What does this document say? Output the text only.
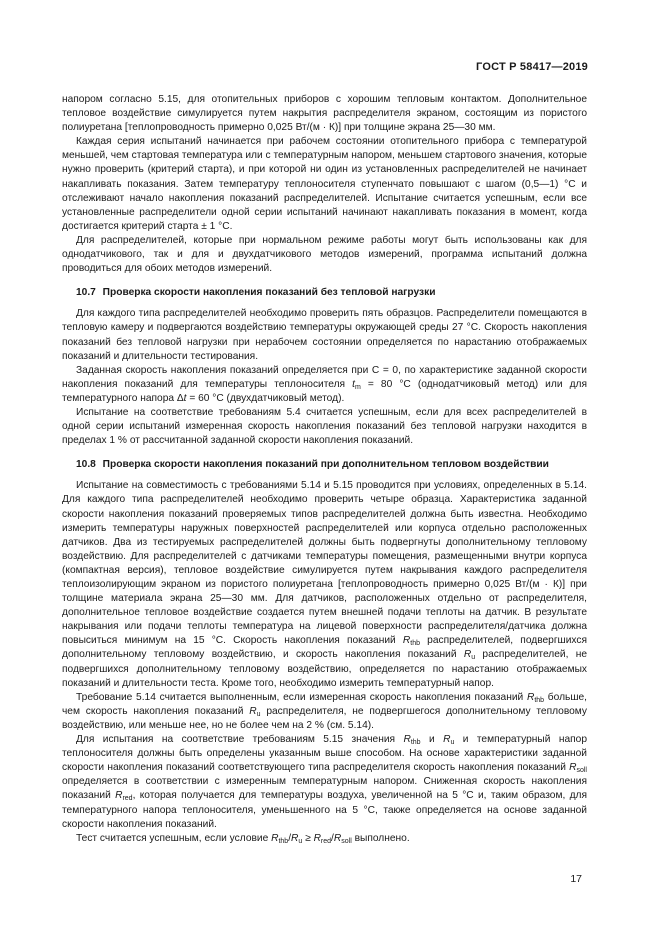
ГОСТ Р 58417—2019

напором согласно 5.15, для отопительных приборов с хорошим тепловым контактом. Дополнительное тепловое воздействие симулируется путем накрытия распределителя экраном, состоящим из пористого полиуретана [теплопроводность примерно 0,025 Вт/(м · К)] при толщине экрана 25—30 мм.

Каждая серия испытаний начинается при рабочем состоянии отопительного прибора с температурой меньшей, чем стартовая температура или с температурным напором, меньшем стартового значения, которые нужно проверить (критерий старта), и при которой ни один из установленных распределителей не начинает накапливать показания. Затем температуру теплоносителя ступенчато повышают с шагом (0,5—1) °С и отслеживают начало накопления показаний распределителей. Испытание считается успешным, если все установленные распределители одной серии испытаний начинают накапливать показания в момент, когда достигается критерий старта ± 1 °С.

Для распределителей, которые при нормальном режиме работы могут быть использованы как для однодатчикового, так и для и двухдатчикового методов измерений, программа испытаний должна проводиться для обоих методов измерений.

10.7 Проверка скорости накопления показаний без тепловой нагрузки

Для каждого типа распределителей необходимо проверить пять образцов. Распределители помещаются в тепловую камеру и подвергаются воздействию температуры окружающей среды 27 °С. Скорость накопления показаний без тепловой нагрузки при нерабочем состоянии определяется по нарастанию отображаемых показаний и длительности тестирования.

Заданная скорость накопления показаний определяется при С = 0, по характеристике заданной скорости накопления показаний для температуры теплоносителя $t_m = 80$ °С (однодатчиковый метод) или для температурного напора Δt = 60 °С (двухдатчиковый метод).

Испытание на соответствие требованиям 5.4 считается успешным, если для всех распределителей в одной серии испытаний измеренная скорость накопления показаний без тепловой нагрузки находится в пределах 1 % от рассчитанной заданной скорости накопления показаний.

10.8 Проверка скорости накопления показаний при дополнительном тепловом воздействии

Испытание на совместимость с требованиями 5.14 и 5.15 проводится при условиях, определенных в 5.14. Для каждого типа распределителей необходимо проверить четыре образца. Характеристика заданной скорости накопления показаний проверяемых типов распределителей должна быть известна. Необходимо измерить температуры наружных поверхностей распределителей или корпуса отдельно расположенных датчиков. Два из тестируемых распределителей должны быть подвергнуты дополнительному тепловому воздействию. Для распределителей с датчиками температуры помещения, размещенными внутри корпуса (компактная версия), тепловое воздействие симулируется путем накрывания каждого распределителя теплоизолирующим экраном из пористого полиуретана [теплопроводность примерно 0,025 Вт/(м · К)] при толщине материала экрана 25—30 мм. Для датчиков, расположенных отдельно от распределителя, дополнительное тепловое воздействие создается путем внешней подачи теплоты на датчик. В результате накрывания или подачи теплоты температура на лицевой поверхности распределителя/датчика должна повыситься минимум на 15 °С. Скорость накопления показаний $R_{thb}$ распределителей, подвергшихся дополнительному тепловому воздействию, и скорость накопления показаний $R_u$ распределителей, не подвергшихся дополнительному тепловому воздействию, определяется по нарастанию отображаемых показаний и длительности теста. Кроме того, необходимо измерить температурный напор.

Требование 5.14 считается выполненным, если измеренная скорость накопления показаний $R_{thb}$ больше, чем скорость накопления показаний $R_u$ распределителя, не подвергшегося дополнительному тепловому воздействию, или меньше нее, но не более чем на 2 % (см. 5.14).

Для испытания на соответствие требованиям 5.15 значения $R_{thb}$ и $R_u$ и температурный напор теплоносителя должны быть определены указанным выше способом. На основе характеристики заданной скорости накопления показаний соответствующего типа распределителя скорость накопления показаний $R_{soll}$ определяется в соответствии с измеренным температурным напором. Сниженная скорость накопления показаний $R_{red}$, которая получается для температуры воздуха, увеличенной на 5 °С и, таким образом, для температурного напора теплоносителя, уменьшенного на 5 °С, также определяется на основе заданной скорости накопления показаний.

Тест считается успешным, если условие $R_{thb}/R_u \ge R_{red}/R_{soll}$ выполнено.

17
